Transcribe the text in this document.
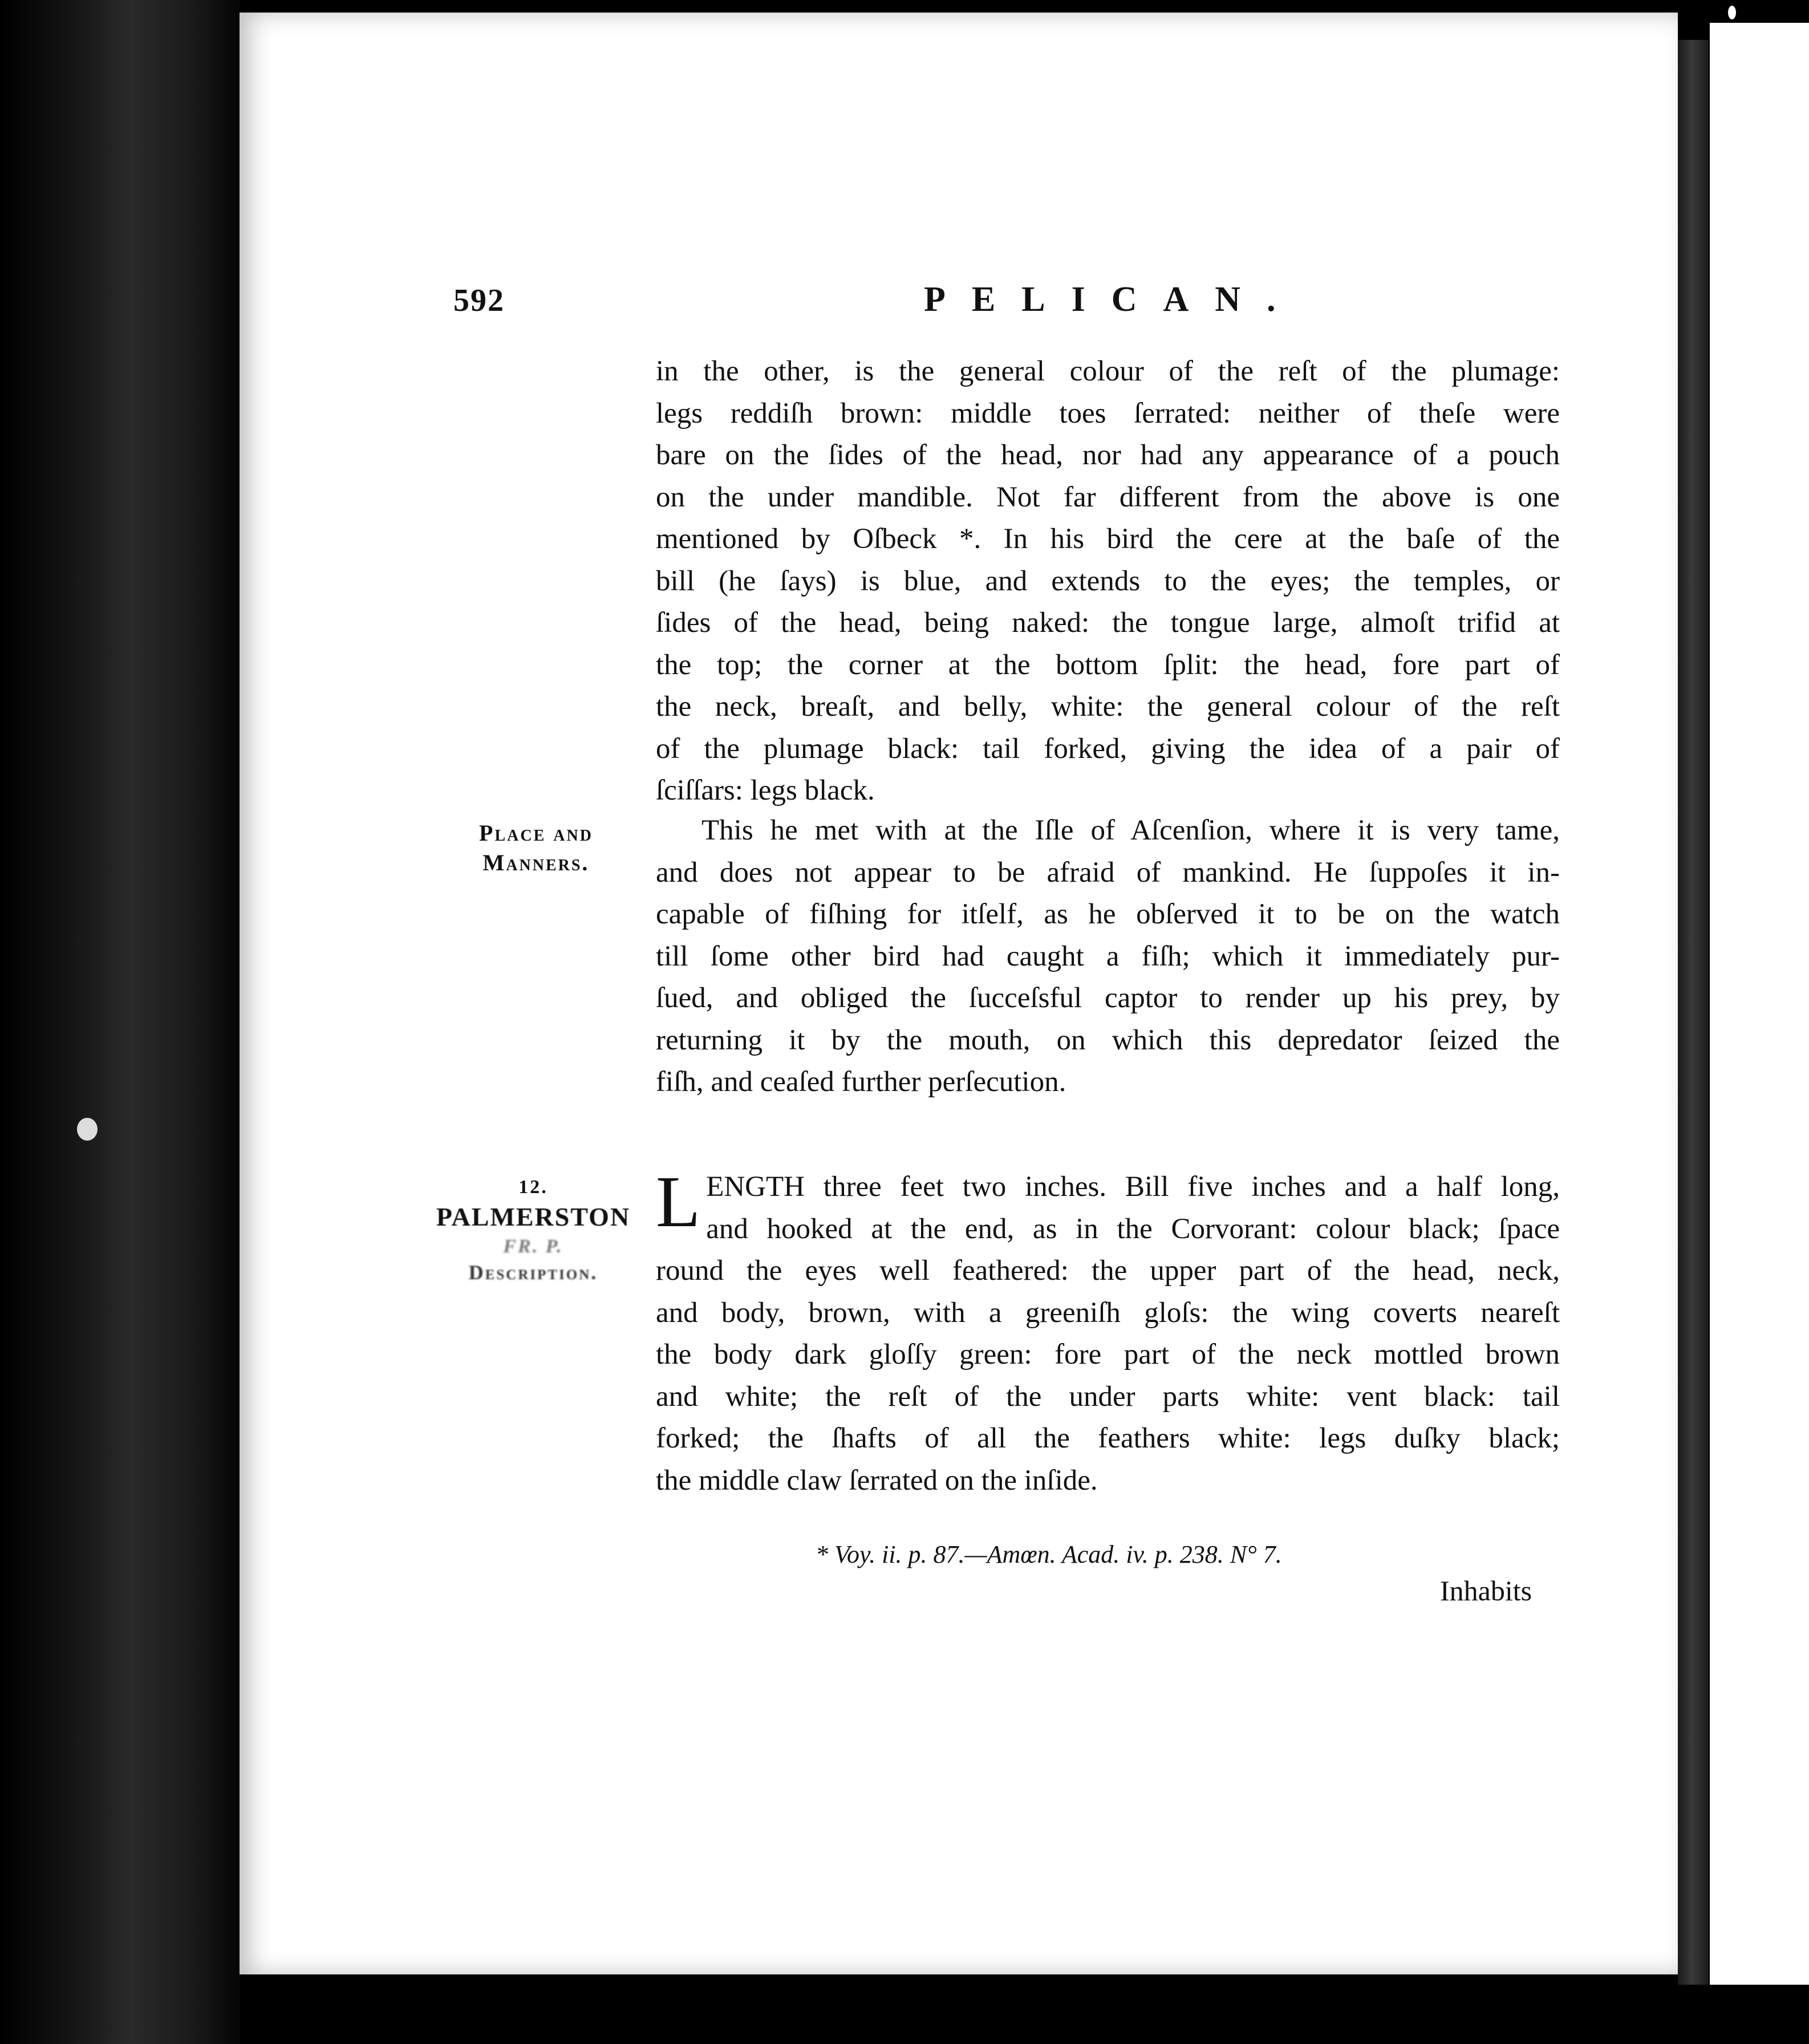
592	PELICAN.
in the other, is the general colour of the reſt of the plumage:
legs reddiſh brown: middle toes ſerrated: neither of theſe were
bare on the ſides of the head, nor had any appearance of a pouch
on the under mandible. Not far different from the above is one
mentioned by Oſbeck *. In his bird the cere at the baſe of the
bill (he ſays) is blue, and extends to the eyes; the temples, or
ſides of the head, being naked: the tongue large, almoſt trifid at
the top; the corner at the bottom ſplit: the head, fore part of
the neck, breaſt, and belly, white: the general colour of the reſt
of the plumage black: tail forked, giving the idea of a pair of
ſciſſars: legs black.
Place and
Manners.
This he met with at the Iſle of Aſcenſion, where it is very tame,
and does not appear to be afraid of mankind. He ſuppoſes it in-
capable of fiſhing for itſelf, as he obſerved it to be on the watch
till ſome other bird had caught a fiſh; which it immediately pur-
ſued, and obliged the ſucceſsful captor to render up his prey, by
returning it by the mouth, on which this depredator ſeized the
fiſh, and ceaſed further perſecution.
12.
PALMERSTON
FR. P.
Description.
L ENGTH three feet two inches. Bill five inches and a half long,
and hooked at the end, as in the Corvorant: colour black; ſpace
round the eyes well feathered: the upper part of the head, neck,
and body, brown, with a greeniſh gloſs: the wing coverts neareſt
the body dark gloſſy green: fore part of the neck mottled brown
and white; the reſt of the under parts white: vent black: tail
forked; the ſhafts of all the feathers white: legs duſky black;
the middle claw ſerrated on the inſide.
* Voy. ii. p. 87.—Amœn. Acad. iv. p. 238. N° 7.
Inhabits
